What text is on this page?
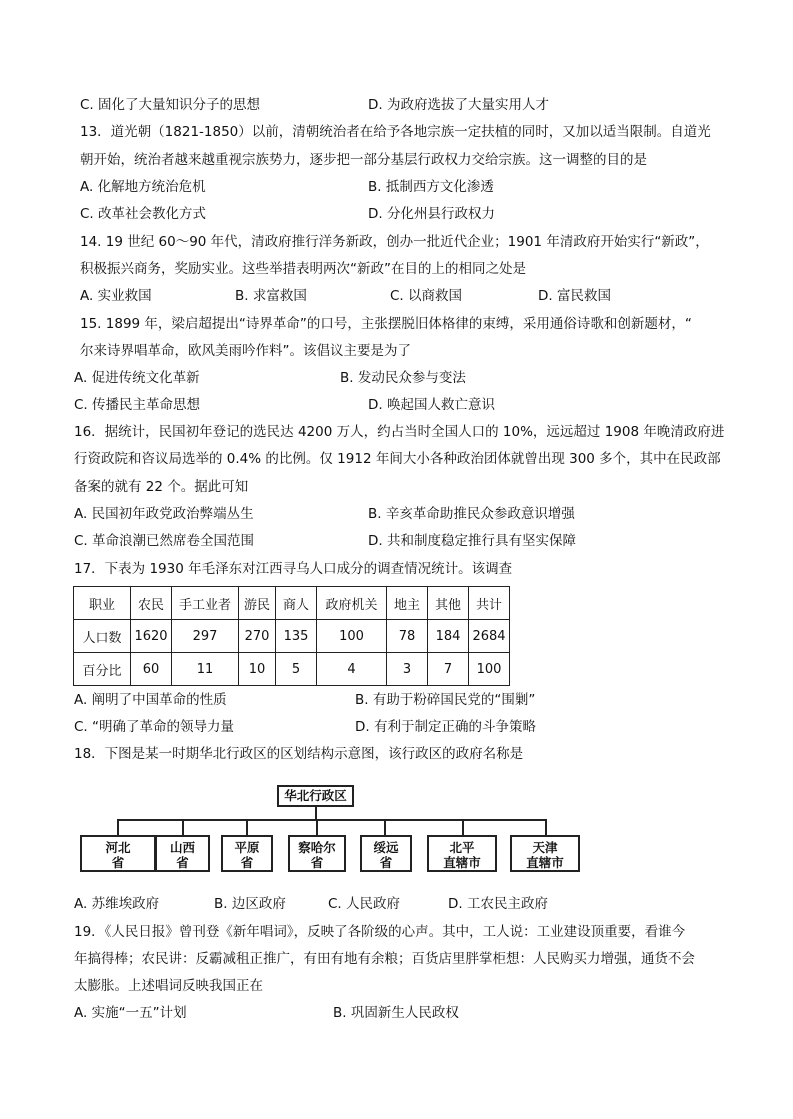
C. 固化了大量知识分子的思想	D. 为政府选拔了大量实用人才
13．道光朝（1821-1850）以前，清朝统治者在给予各地宗族一定扶植的同时，又加以适当限制。自道光
朝开始，统治者越来越重视宗族势力，逐步把一部分基层行政权力交给宗族。这一调整的目的是
A. 化解地方统治危机	B. 抵制西方文化渗透
C. 改革社会教化方式	D. 分化州县行政权力
14. 19 世纪 60～90 年代，清政府推行洋务新政，创办一批近代企业；1901 年清政府开始实行“新政”，
积极振兴商务，奖励实业。这些举措表明两次“新政”在目的上的相同之处是
A. 实业救国	B. 求富救国	C. 以商救国	D. 富民救国
15. 1899 年，梁启超提出“诗界革命”的口号，主张摆脱旧体格律的束缚，采用通俗诗歌和创新题材，“
尔来诗界唱革命，欧风美雨吟作料”。该倡议主要是为了
A. 促进传统文化革新	B. 发动民众参与变法
C. 传播民主革命思想	D. 唤起国人救亡意识
16．据统计，民国初年登记的选民达 4200 万人，约占当时全国人口的 10%，远远超过 1908 年晚清政府进
行资政院和咨议局选举的 0.4% 的比例。仅 1912 年间大小各种政治团体就曾出现 300 多个，其中在民政部
备案的就有 22 个。据此可知
A. 民国初年政党政治弊端丛生	B. 辛亥革命助推民众参政意识增强
C. 革命浪潮已然席卷全国范围	D. 共和制度稳定推行具有坚实保障
17．下表为 1930 年毛泽东对江西寻乌人口成分的调查情况统计。该调查
职业	农民	手工业者	游民	商人	政府机关	地主	其他	共计
人口数	1620	297	270	135	100	78	184	2684
百分比	60	11	10	5	4	3	7	100
A. 阐明了中国革命的性质	B. 有助于粉碎国民党的“围剿”
C. “明确了革命的领导力量	D. 有利于制定正确的斗争策略
18．下图是某一时期华北行政区的区划结构示意图，该行政区的政府名称是
华北行政区
河北
省
山西
省
平原
省
察哈尔
省
绥远
省
北平
直辖市
天津
直辖市
A. 苏维埃政府	B. 边区政府	C. 人民政府	D. 工农民主政府
19．《人民日报》曾刊登《新年唱词》，反映了各阶级的心声。其中，工人说：工业建设顶重要，看谁今
年搞得棒；农民讲：反霸减租正推广，有田有地有余粮；百货店里胖掌柜想：人民购买力增强，通货不会
太膨胀。上述唱词反映我国正在
A. 实施“一五”计划	B. 巩固新生人民政权
